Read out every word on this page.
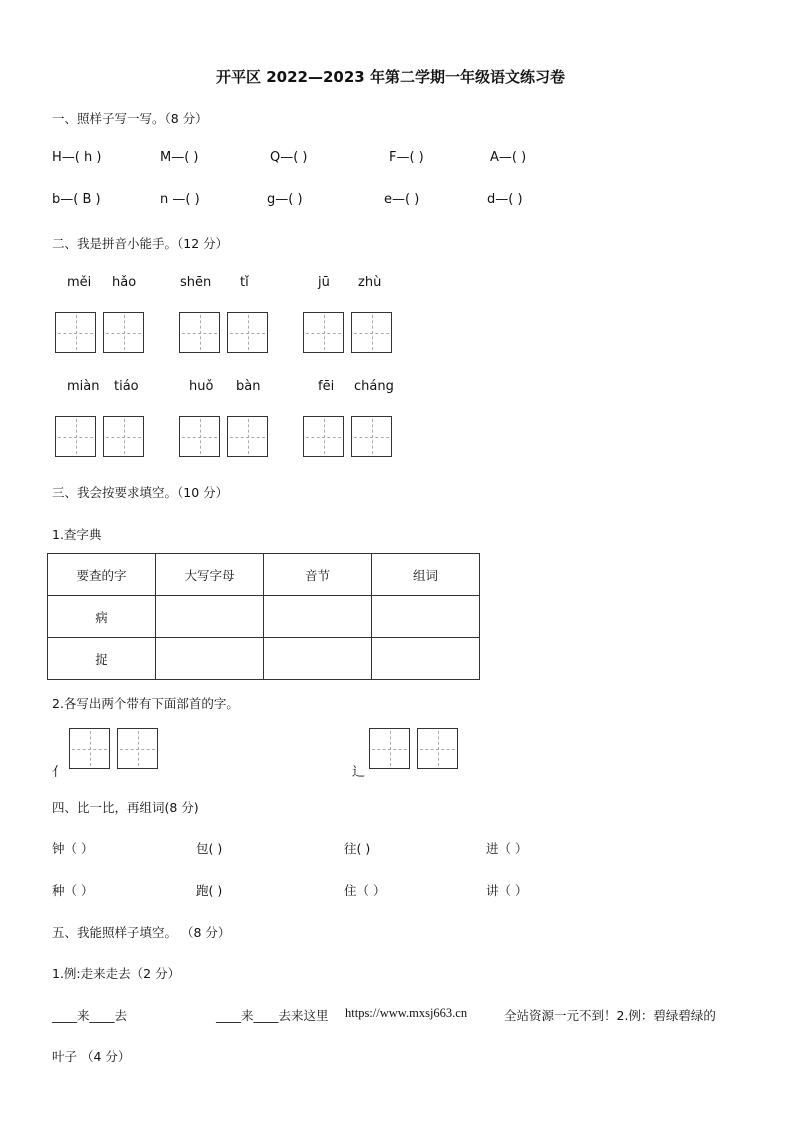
开平区 2022—2023 年第二学期一年级语文练习卷
一、照样子写一写。（8 分）
H—( h )	M—( )	Q—( )	F—( )	A—( )
b—( B )	n —( )	g—( )	e—( )	d—( )
二、我是拼音小能手。（12 分）
měi hǎo	shēn tǐ	jū zhù
miàn tiáo	huǒ bàn	fēi cháng
三、我会按要求填空。（10 分）
1.查字典
要查的字	大写字母	音节	组词
病			
捉			
2.各写出两个带有下面部首的字。
亻	辶
四、比一比，再组词(8 分)
钟（ ）	包( )	往( )	进（ ）
种（ ）	跑( )	住（ ）	讲（ ）
五、我能照样子填空。 （8 分）
1.例:走来走去（2 分）
____来____去	____来____去来这里 https://www.mxsj663.cn	全站资源一元不到！2.例：碧绿碧绿的
叶子 （4 分）
